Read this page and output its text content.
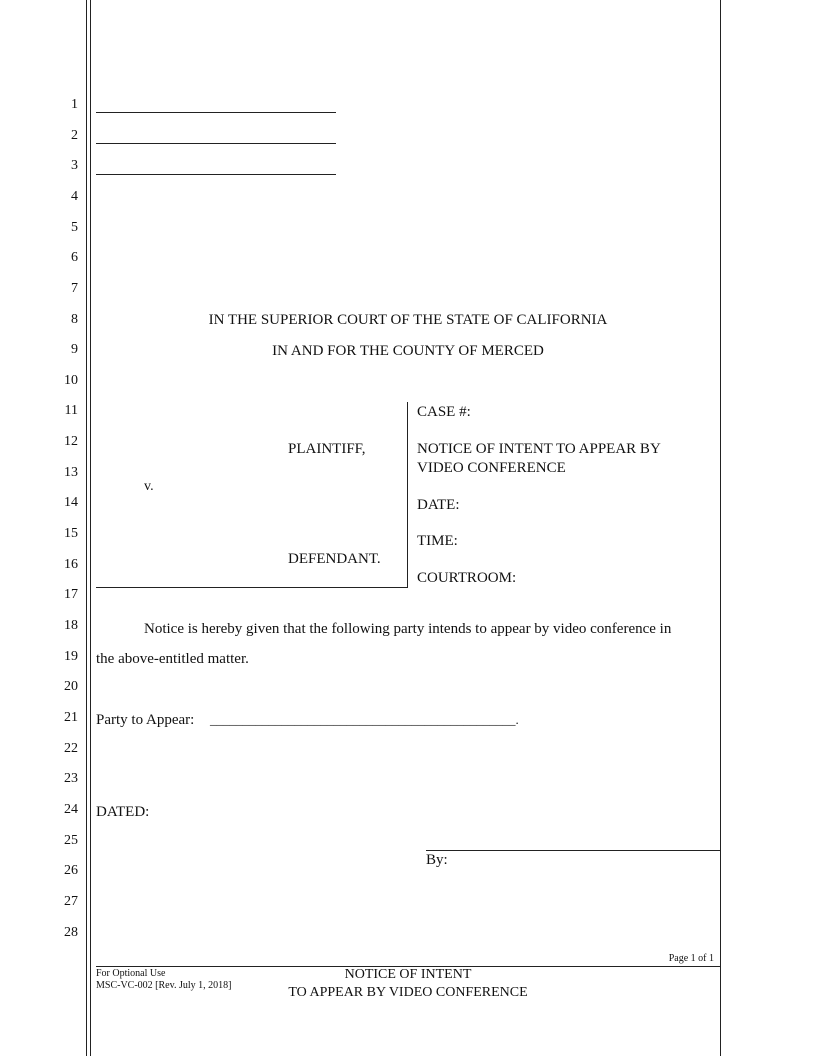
1
2
3
4
5
6
7
8
9
10
11
12
13
14
15
16
17
18
19
20
21
22
23
24
25
26
27
28
IN THE SUPERIOR COURT OF THE STATE OF CALIFORNIA
IN AND FOR THE COUNTY OF MERCED
PLAINTIFF,
v.
DEFENDANT.
CASE #:
NOTICE OF INTENT TO APPEAR BY
VIDEO CONFERENCE
DATE:
TIME:
COURTROOM:
Notice is hereby given that the following party intends to appear by video conference in
the above-entitled matter.
Party to Appear: _______________________________________________.
DATED:
By:
Page 1 of 1
For Optional Use
MSC-VC-002 [Rev. July 1, 2018]
NOTICE OF INTENT
TO APPEAR BY VIDEO CONFERENCE
